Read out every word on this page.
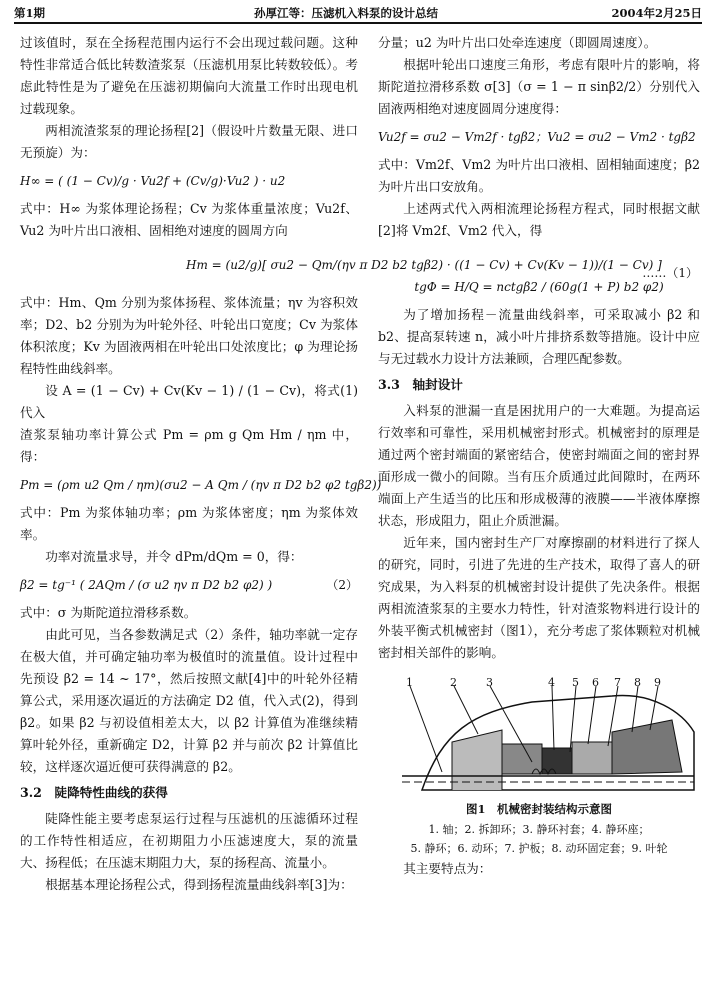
第1期	孙厚江等：压滤机入料泵的设计总结	2004年2月25日

过该值时，泵在全扬程范围内运行不会出现过载问题。这种特性非常适合低比转数渣浆泵（压滤机用泵比转数较低）。考虑此特性是为了避免在压滤初期偏向大流量工作时出现电机过载现象。

两相流渣浆泵的理论扬程[2]（假设叶片数量无限、进口无预旋）为：

H∞ = ( (1 − Cv)/g · Vu2f + (Cv/g)·Vu2 ) · u2

式中：H∞ 为浆体理论扬程；Cv 为浆体重量浓度；Vu2f、Vu2 为叶片出口液相、固相绝对速度的圆周方向

式中：Hm、Qm 分别为浆体扬程、浆体流量；ηv 为容积效率；D2、b2 分别为为叶轮外径、叶轮出口宽度；Cv 为浆体体积浓度；Kv 为固液两相在叶轮出口处浓度比；φ 为理论扬程特性曲线斜率。

设 A = (1 − Cv) + Cv(Kv − 1) / (1 − Cv)，将式(1)代入

渣浆泵轴功率计算公式 Pm = ρm g Qm Hm / ηm 中，得：

Pm = (ρm u2 Qm / ηm)(σu2 − A Qm / (ηv π D2 b2 φ2 tgβ2))

式中：Pm 为浆体轴功率；ρm 为浆体密度；ηm 为浆体效率。

功率对流量求导，并令 dPm/dQm = 0，得：

β2 = tg⁻¹ ( 2AQm / (σ u2 ηv π D2 b2 φ2) )	（2）

式中：σ 为斯陀道拉滑移系数。

由此可见，当各参数满足式（2）条件，轴功率就一定存在极大值，并可确定轴功率为极值时的流量值。设计过程中先预设 β2 = 14 ~ 17°，然后按照文献[4]中的叶轮外径精算公式，采用逐次逼近的方法确定 D2 值，代入式(2)，得到 β2。如果 β2 与初设值相差太大，以 β2 计算值为准继续精算叶轮外径，重新确定 D2，计算 β2 并与前次 β2 计算值比较，这样逐次逼近便可获得满意的 β2。

3.2　陡降特性曲线的获得

陡降性能主要考虑泵运行过程与压滤机的压滤循环过程的工作特性相适应，在初期阻力小压滤速度大，泵的流量大、扬程低；在压滤末期阻力大，泵的扬程高、流量小。

根据基本理论扬程公式，得到扬程流量曲线斜率[3]为：

Hm = (u2/g)[ σu2 − Qm/(ηv π D2 b2 tgβ2) · ((1 − Cv) + Cv(Kv − 1))/(1 − Cv) ]
……（1）

分量；u2 为叶片出口处牵连速度（即圆周速度）。

根据叶轮出口速度三角形，考虑有限叶片的影响，将斯陀道拉滑移系数 σ[3]（σ = 1 − π sinβ2/2）分别代入固液两相绝对速度圆周分速度得：

Vu2f = σu2 − Vm2f · tgβ2；Vu2 = σu2 − Vm2 · tgβ2

式中：Vm2f、Vm2 为叶片出口液相、固相轴面速度；β2 为叶片出口安放角。

上述两式代入两相流理论扬程方程式，同时根据文献[2]将 Vm2f、Vm2 代入，得

tgΦ = H/Q = nctgβ2 / (60g(1 + P) b2 φ2)

为了增加扬程－流量曲线斜率，可采取减小 β2 和 b2、提高泵转速 n，减小叶片排挤系数等措施。设计中应与无过载水力设计方法兼顾，合理匹配参数。

3.3　轴封设计

入料泵的泄漏一直是困扰用户的一大难题。为提高运行效率和可靠性，采用机械密封形式。机械密封的原理是通过两个密封端面的紧密结合，使密封端面之间的密封界面形成一微小的间隙。当有压介质通过此间隙时，在两环端面上产生适当的比压和形成极薄的液膜——半液体摩擦状态，形成阻力，阻止介质泄漏。

近年来，国内密封生产厂对摩擦副的材料进行了探人的研究，同时，引进了先进的生产技术，取得了喜人的研究成果，为入料泵的机械密封设计提供了先决条件。根据两相流渣浆泵的主要水力特性，针对渣浆物料进行设计的外装平衡式机械密封（图1），充分考虑了浆体颗粒对机械密封相关部件的影响。

1	2	3	4 5 6 7 8 9
图1　机械密封装结构示意图
1. 轴；2. 拆卸环；3. 静环衬套；4. 静环座；
5. 静环；6. 动环；7. 护板；8. 动环固定套；9. 叶轮

其主要特点为：
